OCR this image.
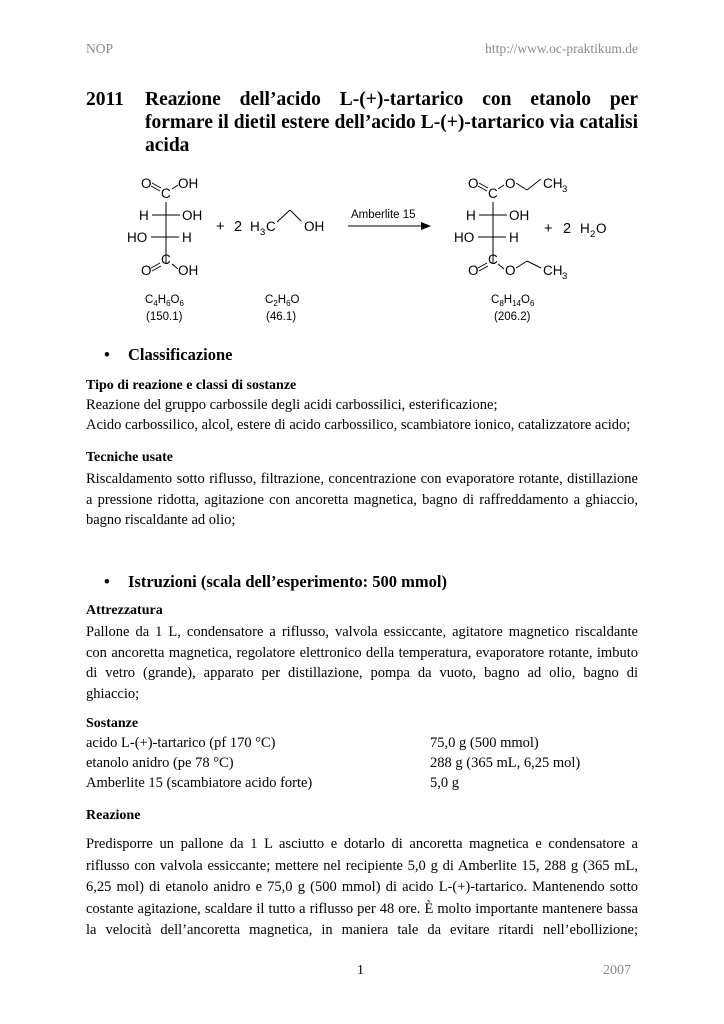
NOP	http://www.oc-praktikum.de
2011 Reazione dell’acido L-(+)-tartarico con etanolo per
formare il dietil estere dell’acido L-(+)-tartarico via catalisi
acida
O OH
C
H OH
HO	H
C
O OH
+ 2 H 3 C OH
Amberlite 15
O
C
O CH 3
H OH
HO	H
C
O O CH 3
+ 2 H 2 O
$C_4H_6O_6$
(150.1)
$C_2H_6O$
(46.1)
$C_8H_{14}O_6$
(206.2)
• Classificazione
Tipo di reazione e classi di sostanze
Reazione del gruppo carbossile degli acidi carbossilici, esterificazione;
Acido carbossilico, alcol, estere di acido carbossilico, scambiatore ionico, catalizzatore acido;
Tecniche usate
Riscaldamento sotto riflusso, filtrazione, concentrazione con evaporatore rotante, distillazione
a pressione ridotta, agitazione con ancoretta magnetica, bagno di raffreddamento a ghiaccio,
bagno riscaldante ad olio;
• Istruzioni (scala dell’esperimento: 500 mmol)
Attrezzatura
Pallone da 1 L, condensatore a riflusso, valvola essiccante, agitatore magnetico riscaldante
con ancoretta magnetica, regolatore elettronico della temperatura, evaporatore rotante, imbuto
di vetro (grande), apparato per distillazione, pompa da vuoto, bagno ad olio, bagno di
ghiaccio;
Sostanze
acido L-(+)-tartarico (pf 170 °C)	75,0 g (500 mmol)
etanolo anidro (pe 78 °C)	288 g (365 mL, 6,25 mol)
Amberlite 15 (scambiatore acido forte)	5,0 g
Reazione
Predisporre un pallone da 1 L asciutto e dotarlo di ancoretta magnetica e condensatore a
riflusso con valvola essiccante; mettere nel recipiente 5,0 g di Amberlite 15, 288 g (365 mL,
6,25 mol) di etanolo anidro e 75,0 g (500 mmol) di acido L-(+)-tartarico. Mantenendo sotto
costante agitazione, scaldare il tutto a riflusso per 48 ore. È molto importante mantenere bassa
la velocità dell’ancoretta magnetica, in maniera tale da evitare ritardi nell’ebollizione;
1	2007
